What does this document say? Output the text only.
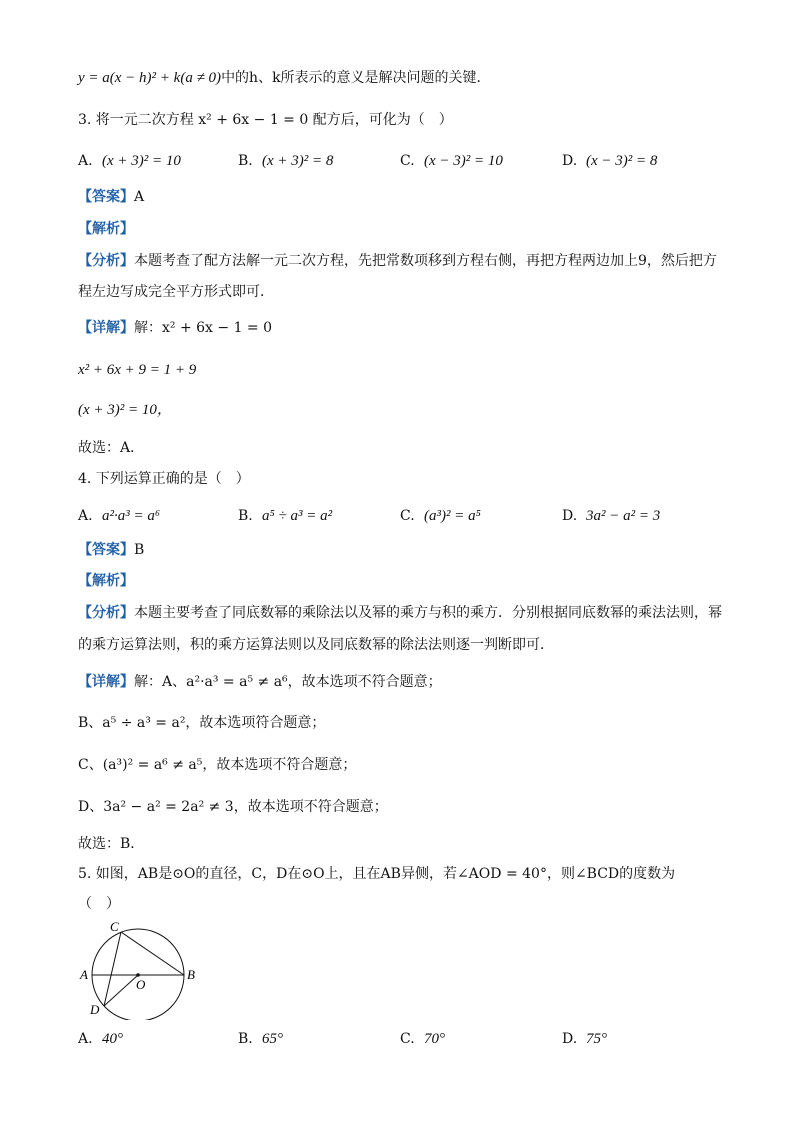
y = a(x − h)² + k(a ≠ 0)中的h、k所表示的意义是解决问题的关键．
3. 将一元二次方程 x² + 6x − 1 = 0 配方后，可化为（　）
A. (x + 3)² = 10	B. (x + 3)² = 8	C. (x − 3)² = 10	D. (x − 3)² = 8
【答案】A
【解析】
【分析】本题考查了配方法解一元二次方程，先把常数项移到方程右侧，再把方程两边加上9，然后把方
程左边写成完全平方形式即可．
【详解】解：x² + 6x − 1 = 0
x² + 6x + 9 = 1 + 9
(x + 3)² = 10，
故选：A．
4. 下列运算正确的是（　）
A. a²·a³ = a⁶	B. a⁵ ÷ a³ = a²	C. (a³)² = a⁵	D. 3a² − a² = 3
【答案】B
【解析】
【分析】本题主要考查了同底数幂的乘除法以及幂的乘方与积的乘方．分别根据同底数幂的乘法法则，幂
的乘方运算法则，积的乘方运算法则以及同底数幂的除法法则逐一判断即可．
【详解】解：A、a²·a³ = a⁵ ≠ a⁶，故本选项不符合题意；
B、a⁵ ÷ a³ = a²，故本选项符合题意；
C、(a³)² = a⁶ ≠ a⁵，故本选项不符合题意；
D、3a² − a² = 2a² ≠ 3，故本选项不符合题意；
故选：B．
5. 如图，AB是⊙O的直径，C，D在⊙O上，且在AB异侧，若∠AOD = 40°，则∠BCD的度数为
（　）
A	B
C
D
O
A. 40°	B. 65°	C. 70°	D. 75°
